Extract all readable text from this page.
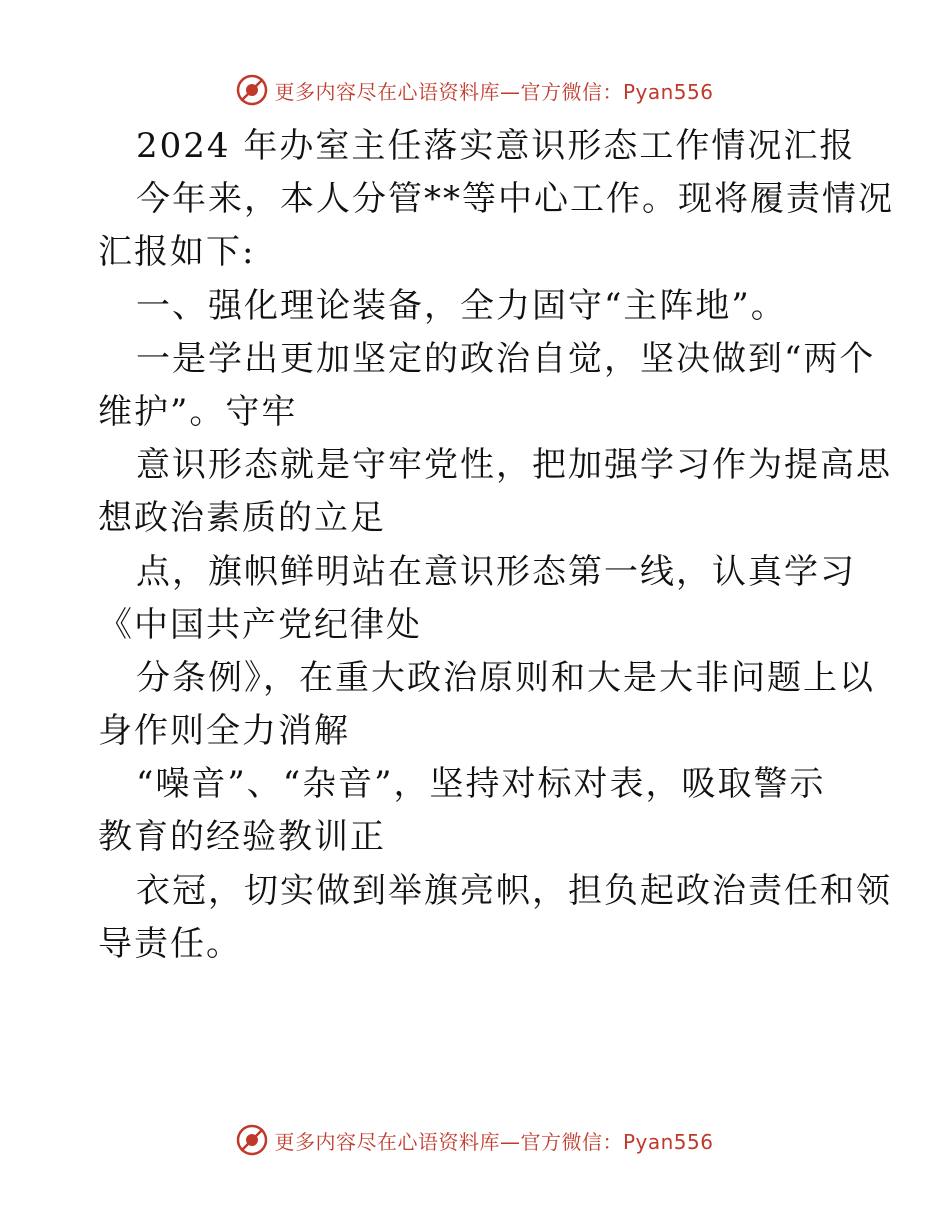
更多内容尽在心语资料库—官方微信：Pyan556
2024 年办室主任落实意识形态工作情况汇报
今年来，本人分管**等中心工作。现将履责情况
汇报如下:
一、强化理论装备，全力固守“主阵地”。
一是学出更加坚定的政治自觉，坚决做到“两个
维护”。守牢
意识形态就是守牢党性，把加强学习作为提高思
想政治素质的立足
点，旗帜鲜明站在意识形态第一线，认真学习
《中国共产党纪律处
分条例》，在重大政治原则和大是大非问题上以
身作则全力消解
“噪音”、“杂音”，坚持对标对表，吸取警示
教育的经验教训正
衣冠，切实做到举旗亮帜，担负起政治责任和领
导责任。
更多内容尽在心语资料库—官方微信：Pyan556
